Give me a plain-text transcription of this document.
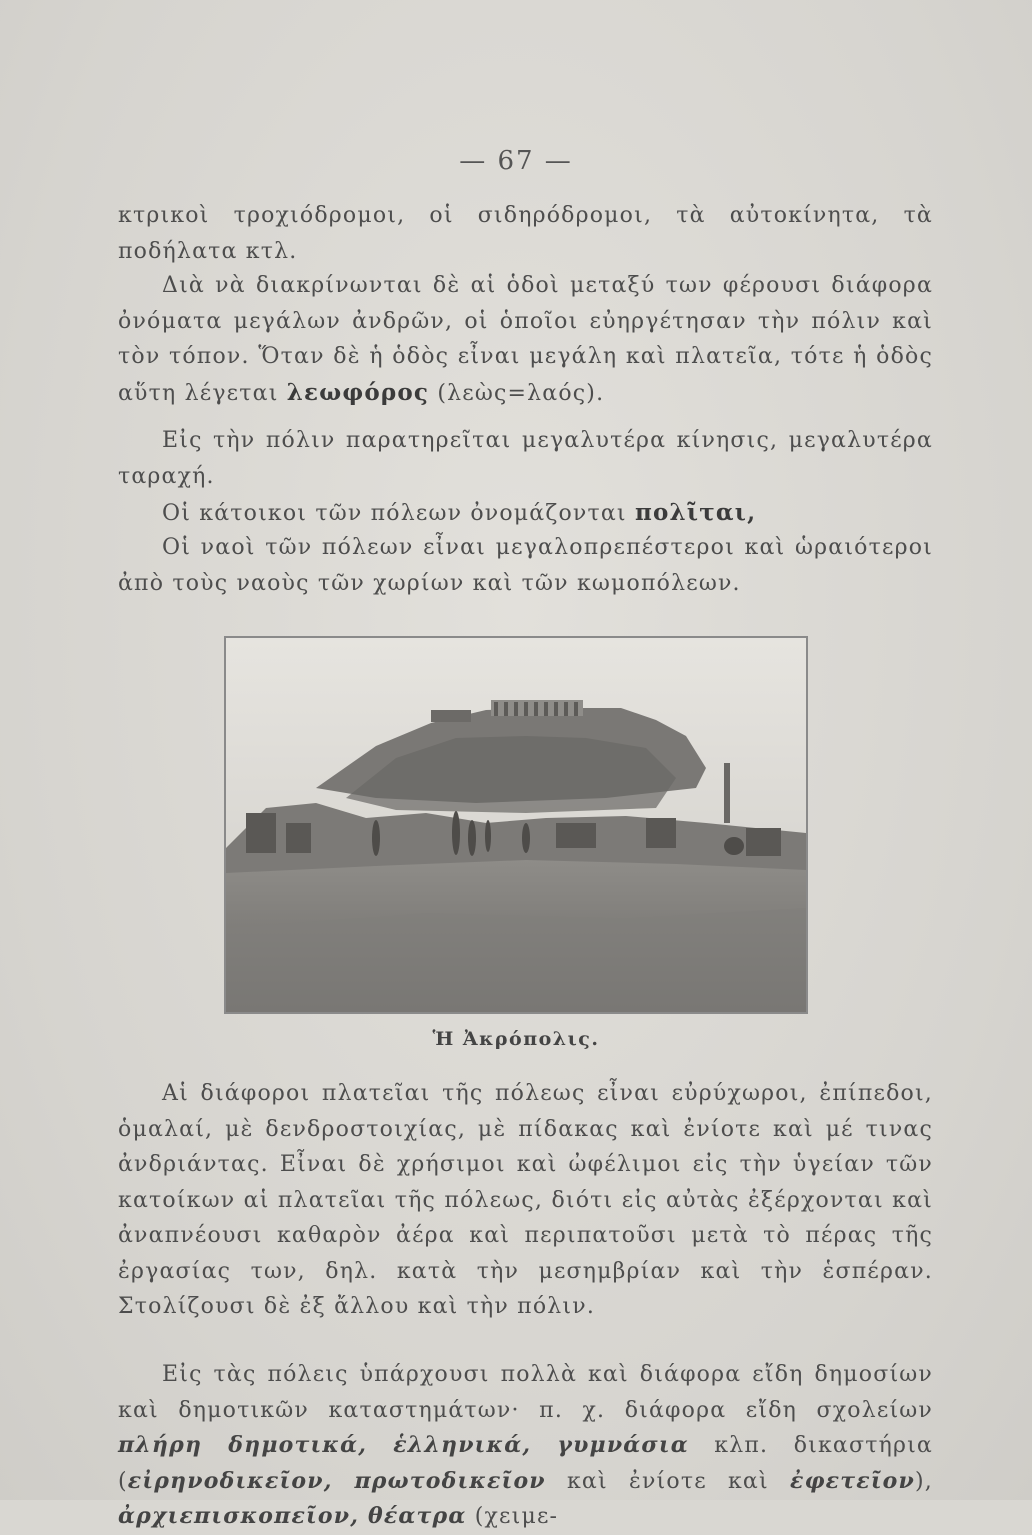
— 67 —
κτρικοὶ τροχιόδρομοι, οἱ σιδηρόδρομοι, τὰ αὐτοκίνητα, τὰ ποδήλατα κτλ.
Διὰ νὰ διακρίνωνται δὲ αἱ ὁδοὶ μεταξύ των φέρουσι διάφορα ὀνόματα μεγάλων ἀνδρῶν, οἱ ὁποῖοι εὐηργέτησαν τὴν πόλιν καὶ τὸν τόπον. Ὅταν δὲ ἡ ὁδὸς εἶναι μεγάλη καὶ πλατεῖα, τότε ἡ ὁδὸς αὕτη λέγεται λεωφόρος (λεὼς=λαός).
Εἰς τὴν πόλιν παρατηρεῖται μεγαλυτέρα κίνησις, μεγαλυτέρα ταραχή.
Οἱ κάτοικοι τῶν πόλεων ὀνομάζονται πολῖται,
Οἱ ναοὶ τῶν πόλεων εἶναι μεγαλοπρεπέστεροι καὶ ὡραιότεροι ἀπὸ τοὺς ναοὺς τῶν χωρίων καὶ τῶν κωμοπόλεων.
Ἡ Ἀκρόπολις.
Αἱ διάφοροι πλατεῖαι τῆς πόλεως εἶναι εὐρύχωροι, ἐπίπεδοι, ὁμαλαί, μὲ δενδροστοιχίας, μὲ πίδακας καὶ ἐνίοτε καὶ μέ τινας ἀνδριάντας. Εἶναι δὲ χρήσιμοι καὶ ὠφέλιμοι εἰς τὴν ὑγείαν τῶν κατοίκων αἱ πλατεῖαι τῆς πόλεως, διότι εἰς αὐτὰς ἐξέρχονται καὶ ἀναπνέουσι καθαρὸν ἀέρα καὶ περιπατοῦσι μετὰ τὸ πέρας τῆς ἐργασίας των, δηλ. κατὰ τὴν μεσημβρίαν καὶ τὴν ἑσπέραν. Στολίζουσι δὲ ἐξ ἄλλου καὶ τὴν πόλιν.
Εἰς τὰς πόλεις ὑπάρχουσι πολλὰ καὶ διάφορα εἴδη δημοσίων καὶ δημοτικῶν καταστημάτων· π. χ. διάφορα εἴδη σχολείων πλήρη δημοτικά, ἑλληνικά, γυμνάσια κλπ. δικαστήρια (εἰρηνοδικεῖον, πρωτοδικεῖον καὶ ἐνίοτε καὶ ἐφετεῖον), ἀρχιεπισκοπεῖον, θέατρα (χειμε-
